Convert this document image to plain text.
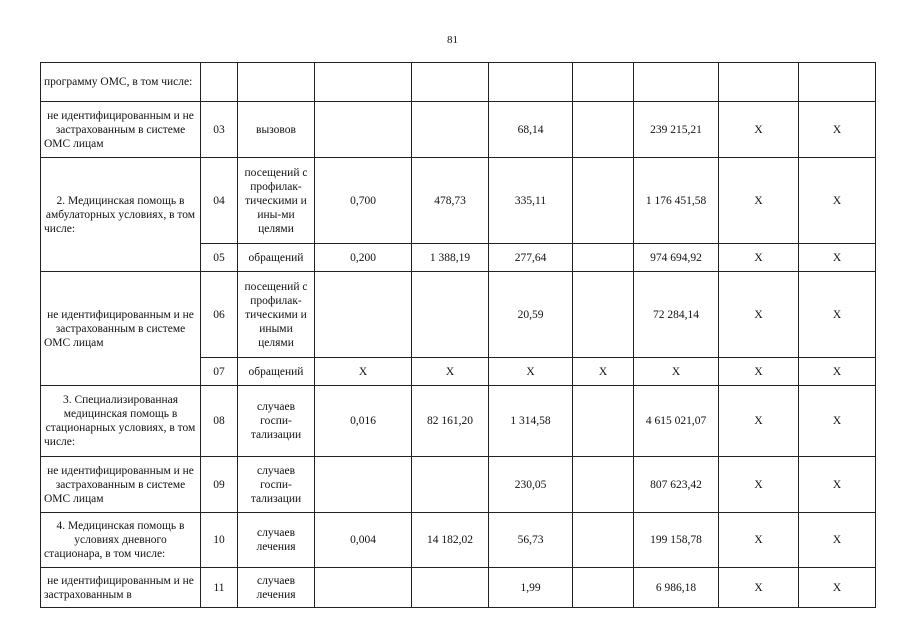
81
программу ОМС, в том числе:									
не идентифицированным и не застрахованным в системе ОМС лицам	03	вызовов			68,14		239 215,21	X	X
2. Медицинская помощь в амбулаторных условиях, в том числе:	04	посещений с профилак-тическими и ины-ми целями	0,700	478,73	335,11		1 176 451,58	X	X
	05	обращений	0,200	1 388,19	277,64		974 694,92	X	X
не идентифицированным и не застрахованным в системе ОМС лицам	06	посещений с профилак-тическими и иными целями			20,59		72 284,14	X	X
	07	обращений	X	X	X	X	X	X	X
3. Специализированная медицинская помощь в стационарных условиях, в том числе:	08	случаев госпи-тализации	0,016	82 161,20	1 314,58		4 615 021,07	X	X
не идентифицированным и не застрахованным в системе ОМС лицам	09	случаев госпи-тализации			230,05		807 623,42	X	X
4. Медицинская помощь в условиях дневного стационара, в том числе:	10	случаев лечения	0,004	14 182,02	56,73		199 158,78	X	X
не идентифицированным и не застрахованным в	11	случаев лечения			1,99		6 986,18	X	X
